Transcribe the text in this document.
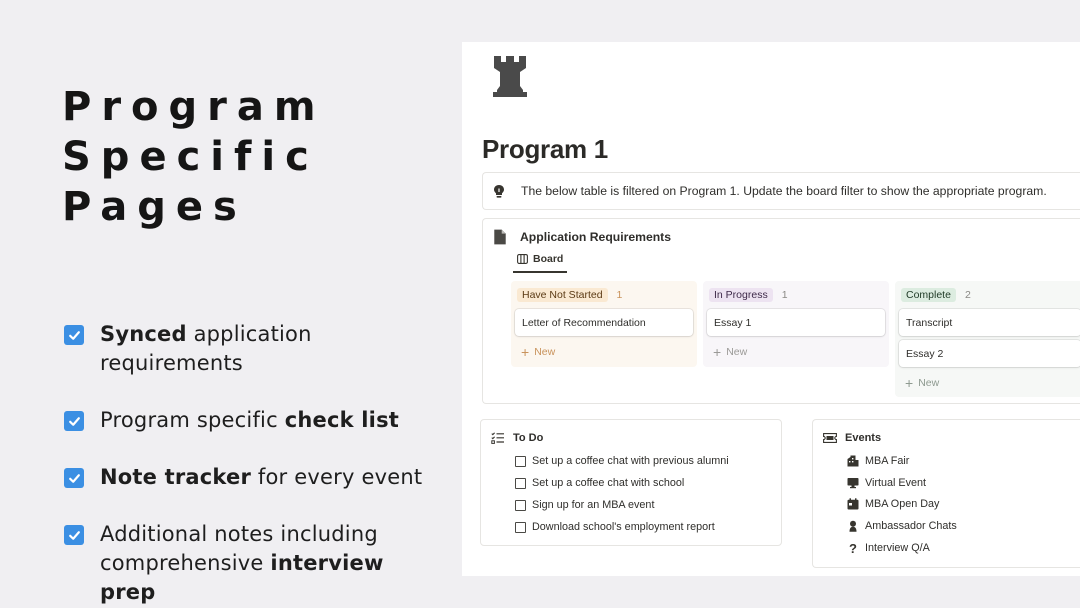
Program
Specific
Pages
Synced application requirements
Program specific check list
Note tracker for every event
Additional notes including comprehensive interview prep
Program 1
The below table is filtered on Program 1. Update the board filter to show the appropriate program.
Application Requirements
Board
Have Not Started	1
Letter of Recommendation
+ New
In Progress	1
Essay 1
+ New
Complete	2
Transcript
Essay 2
+ New
To Do
Set up a coffee chat with previous alumni
Set up a coffee chat with school
Sign up for an MBA event
Download school's employment report
Events
MBA Fair
Virtual Event
MBA Open Day
Ambassador Chats
? Interview Q/A
